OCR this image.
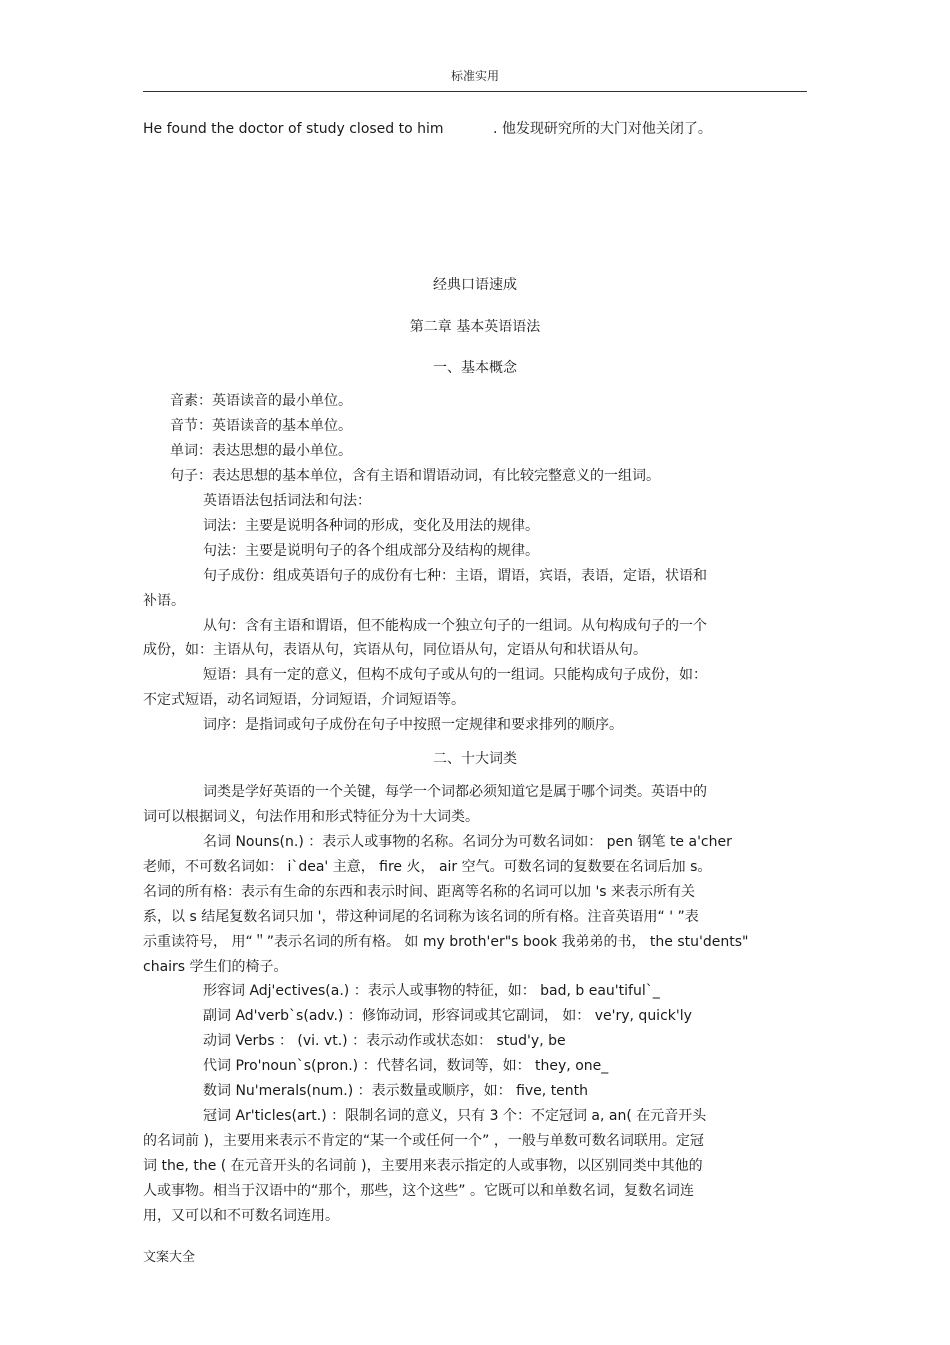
标准实用
He found the doctor of study closed to him	. 他发现研究所的大门对他关闭了。
经典口语速成
第二章 基本英语语法
一、基本概念
音素：英语读音的最小单位。
音节：英语读音的基本单位。
单词：表达思想的最小单位。
句子：表达思想的基本单位，含有主语和谓语动词，有比较完整意义的一组词。
英语语法包括词法和句法：
词法：主要是说明各种词的形成，变化及用法的规律。
句法：主要是说明句子的各个组成部分及结构的规律。
句子成份：组成英语句子的成份有七种：主语，谓语，宾语，表语，定语，状语和
补语。
从句：含有主语和谓语，但不能构成一个独立句子的一组词。从句构成句子的一个
成份，如：主语从句，表语从句，宾语从句，同位语从句，定语从句和状语从句。
短语：具有一定的意义，但构不成句子或从句的一组词。只能构成句子成份，如：
不定式短语，动名词短语，分词短语，介词短语等。
词序：是指词或句子成份在句子中按照一定规律和要求排列的顺序。
二、十大词类
词类是学好英语的一个关键，每学一个词都必须知道它是属于哪个词类。英语中的
词可以根据词义，句法作用和形式特征分为十大词类。
名词 Nouns(n.) ：表示人或事物的名称。名词分为可数名词如： pen 钢笔 te a'cher
老师，不可数名词如： i`dea' 主意， fire 火， air 空气。可数名词的复数要在名词后加 s。
名词的所有格：表示有生命的东西和表示时间、距离等名称的名词可以加 's 来表示所有关
系，以 s 结尾复数名词只加 '，带这种词尾的名词称为该名词的所有格。注音英语用“ ' ”表
示重读符号， 用“＂”表示名词的所有格。 如 my broth'er"s book 我弟弟的书， the stu'dents"
chairs 学生们的椅子。
形容词 Adj'ectives(a.) ：表示人或事物的特征，如： bad, b eau'tiful`_
副词 Ad'verb`s(adv.) ：修饰动词，形容词或其它副词， 如： ve'ry, quick'ly
动词 Verbs ： (vi. vt.) ：表示动作或状态如： stud'y, be
代词 Pro'noun`s(pron.) ：代替名词，数词等，如： they, one_
数词 Nu'merals(num.) ：表示数量或顺序，如： five, tenth
冠词 Ar'ticles(art.) ：限制名词的意义，只有 3 个：不定冠词 a, an( 在元音开头
的名词前 )，主要用来表示不肯定的“某一个或任何一个” ，一般与单数可数名词联用。定冠
词 the, the ( 在元音开头的名词前 )，主要用来表示指定的人或事物，以区别同类中其他的
人或事物。相当于汉语中的“那个，那些，这个这些” 。它既可以和单数名词，复数名词连
用，又可以和不可数名词连用。
文案大全
